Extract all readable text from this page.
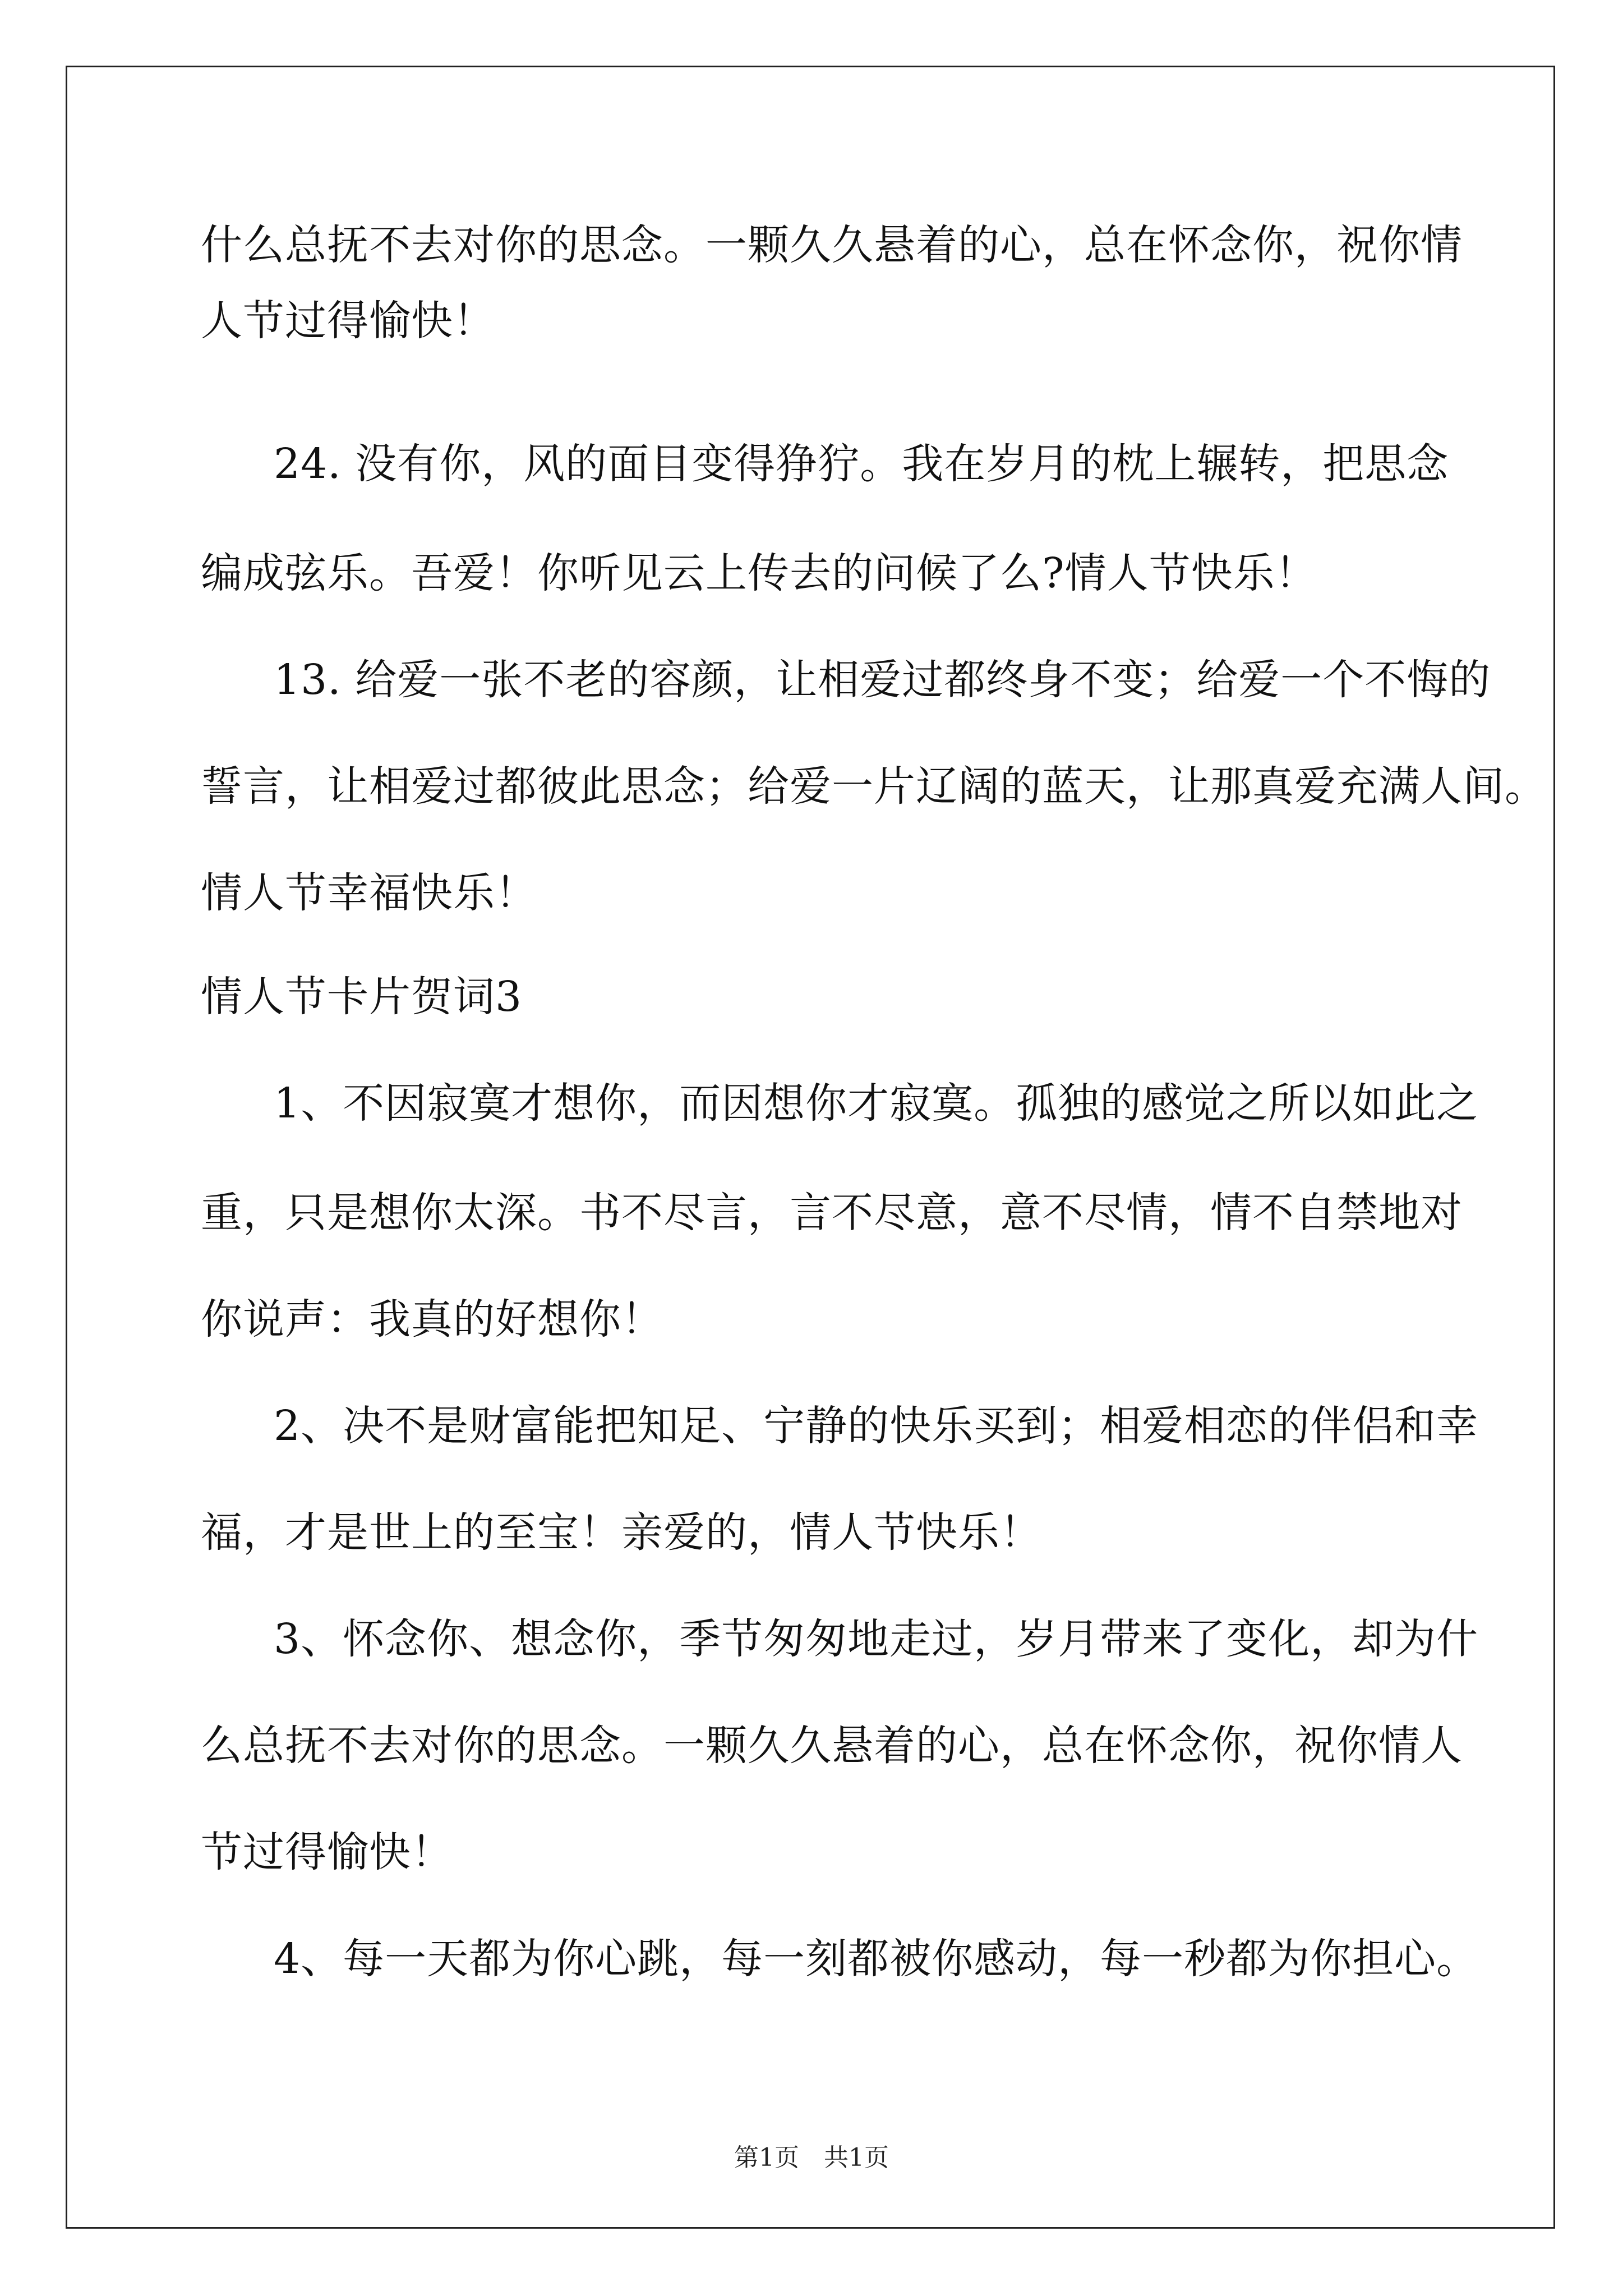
什么总抚不去对你的思念。一颗久久悬着的心，总在怀念你，祝你情
人节过得愉快！
24. 没有你，风的面目变得狰狞。我在岁月的枕上辗转，把思念
编成弦乐。吾爱！你听见云上传去的问候了么?情人节快乐！
13. 给爱一张不老的容颜，让相爱过都终身不变；给爱一个不悔的
誓言，让相爱过都彼此思念；给爱一片辽阔的蓝天，让那真爱充满人间。
情人节幸福快乐！
情人节卡片贺词3
1、不因寂寞才想你，而因想你才寂寞。孤独的感觉之所以如此之
重，只是想你太深。书不尽言，言不尽意，意不尽情，情不自禁地对
你说声：我真的好想你！
2、决不是财富能把知足、宁静的快乐买到；相爱相恋的伴侣和幸
福，才是世上的至宝！亲爱的，情人节快乐！
3、怀念你、想念你，季节匆匆地走过，岁月带来了变化，却为什
么总抚不去对你的思念。一颗久久悬着的心，总在怀念你，祝你情人
节过得愉快！
4、每一天都为你心跳，每一刻都被你感动，每一秒都为你担心。
第1页　共1页
